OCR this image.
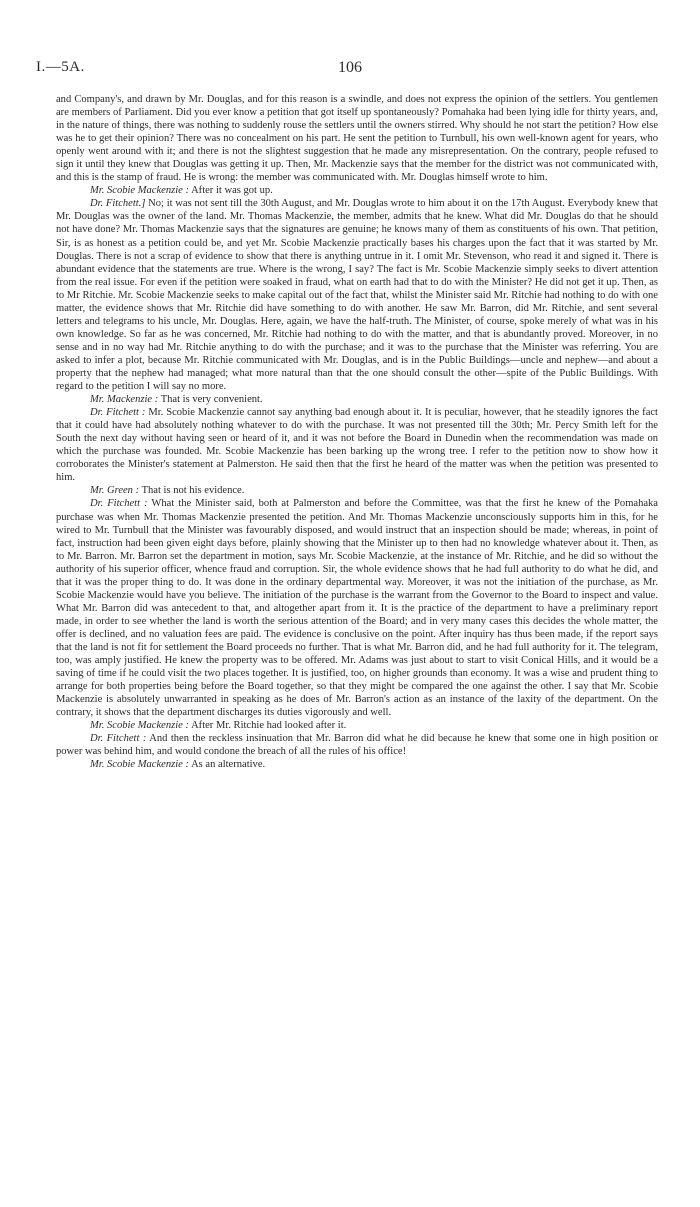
I.—5A.	106

and Company's, and drawn by Mr. Douglas, and for this reason is a swindle, and does not express the opinion of the settlers. You gentlemen are members of Parliament. Did you ever know a petition that got itself up spontaneously? Pomahaka had been lying idle for thirty years, and, in the nature of things, there was nothing to suddenly rouse the settlers until the owners stirred. Why should he not start the petition? How else was he to get their opinion? There was no concealment on his part. He sent the petition to Turnbull, his own well-known agent for years, who openly went around with it; and there is not the slightest suggestion that he made any misrepresentation. On the contrary, people refused to sign it until they knew that Douglas was getting it up. Then, Mr. Mackenzie says that the member for the district was not communicated with, and this is the stamp of fraud. He is wrong: the member was communicated with. Mr. Douglas himself wrote to him.

Mr. Scobie Mackenzie : After it was got up.

Dr. Fitchett.] No; it was not sent till the 30th August, and Mr. Douglas wrote to him about it on the 17th August. Everybody knew that Mr. Douglas was the owner of the land. Mr. Thomas Mackenzie, the member, admits that he knew. What did Mr. Douglas do that he should not have done? Mr. Thomas Mackenzie says that the signatures are genuine; he knows many of them as constituents of his own. That petition, Sir, is as honest as a petition could be, and yet Mr. Scobie Mackenzie practically bases his charges upon the fact that it was started by Mr. Douglas. There is not a scrap of evidence to show that there is anything untrue in it. I omit Mr. Stevenson, who read it and signed it. There is abundant evidence that the statements are true. Where is the wrong, I say? The fact is Mr. Scobie Mackenzie simply seeks to divert attention from the real issue. For even if the petition were soaked in fraud, what on earth had that to do with the Minister? He did not get it up. Then, as to Mr Ritchie. Mr. Scobie Mackenzie seeks to make capital out of the fact that, whilst the Minister said Mr. Ritchie had nothing to do with one matter, the evidence shows that Mr. Ritchie did have something to do with another. He saw Mr. Barron, did Mr. Ritchie, and sent several letters and telegrams to his uncle, Mr. Douglas. Here, again, we have the half-truth. The Minister, of course, spoke merely of what was in his own knowledge. So far as he was concerned, Mr. Ritchie had nothing to do with the matter, and that is abundantly proved. Moreover, in no sense and in no way had Mr. Ritchie anything to do with the purchase; and it was to the purchase that the Minister was referring. You are asked to infer a plot, because Mr. Ritchie communicated with Mr. Douglas, and is in the Public Buildings—uncle and nephew—and about a property that the nephew had managed; what more natural than that the one should consult the other—spite of the Public Buildings. With regard to the petition I will say no more.

Mr. Mackenzie : That is very convenient.

Dr. Fitchett : Mr. Scobie Mackenzie cannot say anything bad enough about it. It is peculiar, however, that he steadily ignores the fact that it could have had absolutely nothing whatever to do with the purchase. It was not presented till the 30th; Mr. Percy Smith left for the South the next day without having seen or heard of it, and it was not before the Board in Dunedin when the recommendation was made on which the purchase was founded. Mr. Scobie Mackenzie has been barking up the wrong tree. I refer to the petition now to show how it corroborates the Minister's statement at Palmerston. He said then that the first he heard of the matter was when the petition was presented to him.

Mr. Green : That is not his evidence.

Dr. Fitchett : What the Minister said, both at Palmerston and before the Committee, was that the first he knew of the Pomahaka purchase was when Mr. Thomas Mackenzie presented the petition. And Mr. Thomas Mackenzie unconsciously supports him in this, for he wired to Mr. Turnbull that the Minister was favourably disposed, and would instruct that an inspection should be made; whereas, in point of fact, instruction had been given eight days before, plainly showing that the Minister up to then had no knowledge whatever about it. Then, as to Mr. Barron. Mr. Barron set the department in motion, says Mr. Scobie Mackenzie, at the instance of Mr. Ritchie, and he did so without the authority of his superior officer, whence fraud and corruption. Sir, the whole evidence shows that he had full authority to do what he did, and that it was the proper thing to do. It was done in the ordinary departmental way. Moreover, it was not the initiation of the purchase, as Mr. Scobie Mackenzie would have you believe. The initiation of the purchase is the warrant from the Governor to the Board to inspect and value. What Mr. Barron did was antecedent to that, and altogether apart from it. It is the practice of the department to have a preliminary report made, in order to see whether the land is worth the serious attention of the Board; and in very many cases this decides the whole matter, the offer is declined, and no valuation fees are paid. The evidence is conclusive on the point. After inquiry has thus been made, if the report says that the land is not fit for settlement the Board proceeds no further. That is what Mr. Barron did, and he had full authority for it. The telegram, too, was amply justified. He knew the property was to be offered. Mr. Adams was just about to start to visit Conical Hills, and it would be a saving of time if he could visit the two places together. It is justified, too, on higher grounds than economy. It was a wise and prudent thing to arrange for both properties being before the Board together, so that they might be compared the one against the other. I say that Mr. Scobie Mackenzie is absolutely unwarranted in speaking as he does of Mr. Barron's action as an instance of the laxity of the department. On the contrary, it shows that the department discharges its duties vigorously and well.

Mr. Scobie Mackenzie : After Mr. Ritchie had looked after it.

Dr. Fitchett : And then the reckless insinuation that Mr. Barron did what he did because he knew that some one in high position or power was behind him, and would condone the breach of all the rules of his office!

Mr. Scobie Mackenzie : As an alternative.
